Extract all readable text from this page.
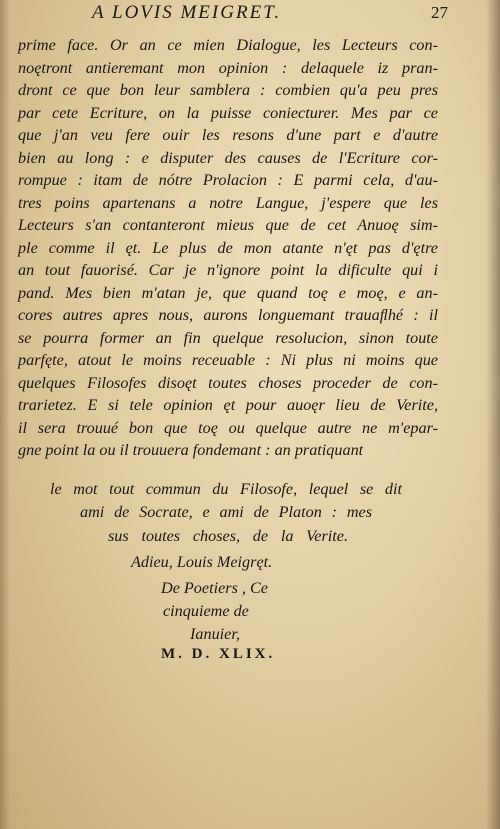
A LOVIS MEIGRET.	27
prime face. Or an ce mien Dialogue, les Lecteurs con-
noętront antieremant mon opinion : delaquele iz pran-
dront ce que bon leur samblera : combien qu'a peu pres
par cete Ecriture, on la puisse coniecturer. Mes par ce
que j'an veu fere ouir les resons d'une part e d'autre
bien au long : e disputer des causes de l'Ecriture cor-
rompue : itam de nótre Prolacion : E parmi cela, d'au-
tres poins apartenans a notre Langue, j'espere que les
Lecteurs s'an contanteront mieus que de cet Anuoę sim-
ple comme il ęt. Le plus de mon atante n'ęt pas d'ętre
an tout fauorisé. Car je n'ignore point la dificulte qui i
pand. Mes bien m'atan je, que quand toę e moę, e an-
cores autres apres nous, aurons longuemant trauaﬂhé : il
se pourra former an fin quelque resolucion, sinon toute
parfęte, atout le moins receuable : Ni plus ni moins que
quelques Filosofes disoęt toutes choses proceder de con-
trarietez. E si tele opinion ęt pour auoęr lieu de Verite,
il sera trouué bon que toę ou quelque autre ne m'epar-
gne point la ou il trouuera fondemant : an pratiquant
le mot tout commun du Filosofe, lequel se dit
ami de Socrate, e ami de Platon : mes
sus toutes choses, de la Verite.
Adieu, Louis Meigręt.
De Poetiers , Ce
cinquieme de
Ianuier,
M. D. XLIX.
